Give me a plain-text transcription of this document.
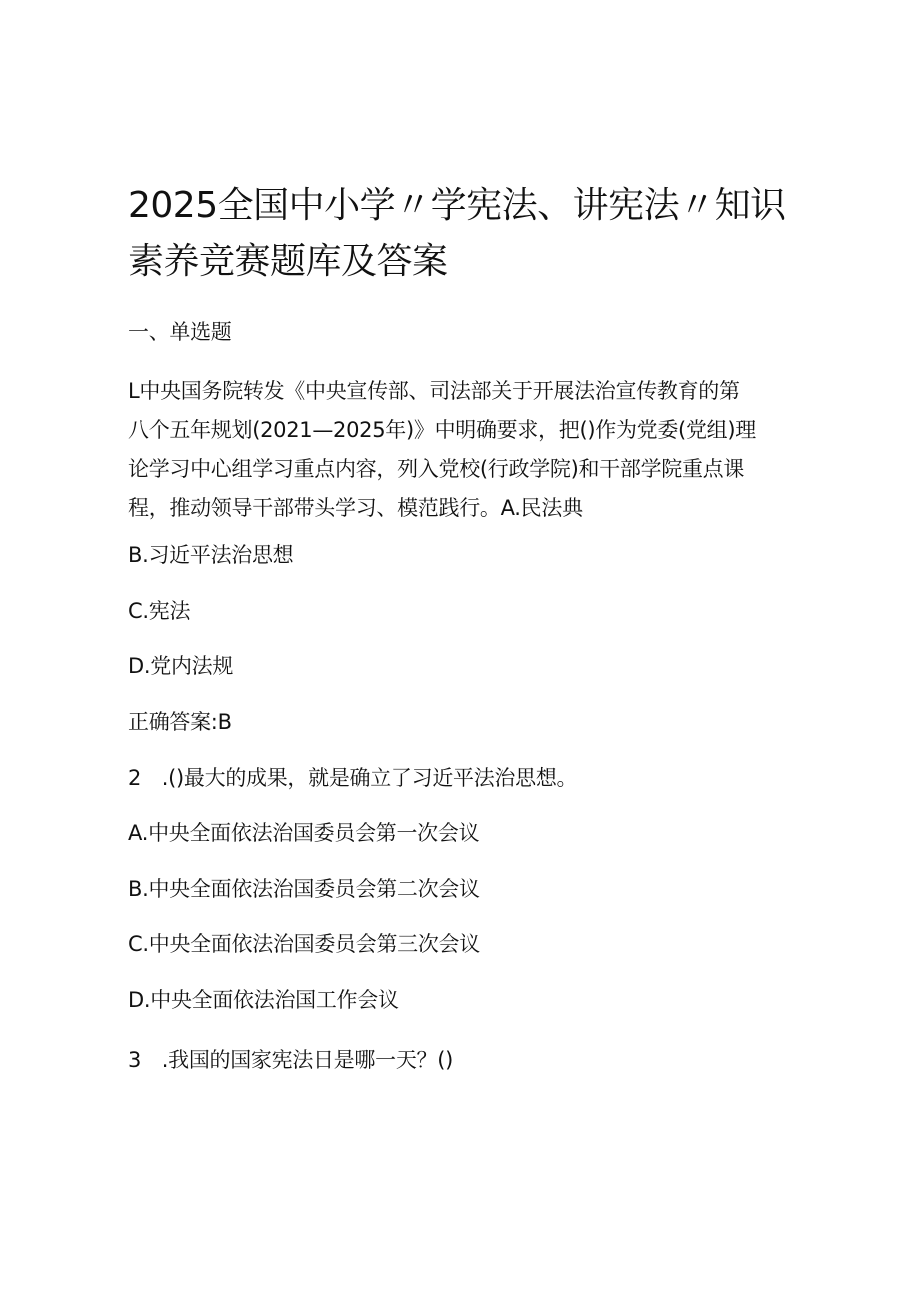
2025全国中小学〃学宪法、讲宪法〃知识
素养竞赛题库及答案

一、单选题

L中央国务院转发《中央宣传部、司法部关于开展法治宣传教育的第
八个五年规划(2021—2025年)》中明确要求，把()作为党委(党组)理
论学习中心组学习重点内容，列入党校(行政学院)和干部学院重点课
程，推动领导干部带头学习、模范践行。A.民法典

B.习近平法治思想

C.宪法

D.党内法规

正确答案:B

2 .()最大的成果，就是确立了习近平法治思想。

A.中央全面依法治国委员会第一次会议

B.中央全面依法治国委员会第二次会议

C.中央全面依法治国委员会第三次会议

D.中央全面依法治国工作会议

3 .我国的国家宪法日是哪一天？()
